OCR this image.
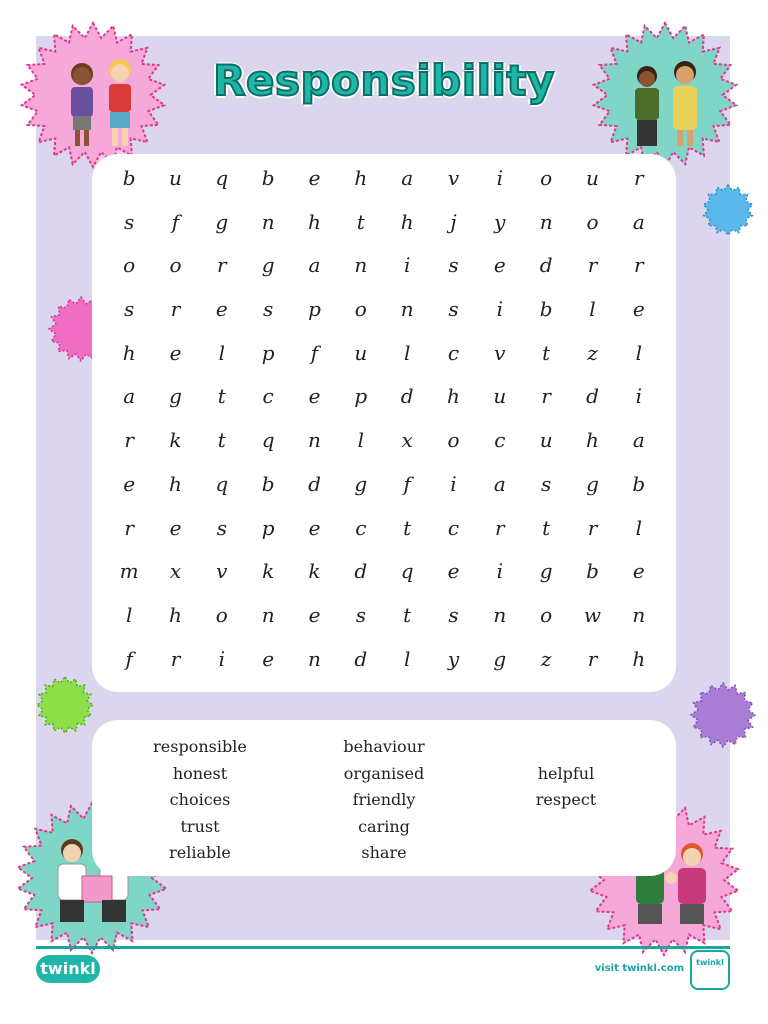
Responsibility
b	u	q	b	e	h	a	v	i	o	u	r
s	f	g	n	h	t	h	j	y	n	o	a
o	o	r	g	a	n	i	s	e	d	r	r
s	r	e	s	p	o	n	s	i	b	l	e
h	e	l	p	f	u	l	c	v	t	z	l
a	g	t	c	e	p	d	h	u	r	d	i
r	k	t	q	n	l	x	o	c	u	h	a
e	h	q	b	d	g	f	i	a	s	g	b
r	e	s	p	e	c	t	c	r	t	r	l
m	x	v	k	k	d	q	e	i	g	b	e
l	h	o	n	e	s	t	s	n	o	w	n
f	r	i	e	n	d	l	y	g	z	r	h
responsible
honest
choices
trust
reliable
behaviour
organised
friendly
caring
share
helpful
respect
twinkl	visit twinkl.com
twinkl
